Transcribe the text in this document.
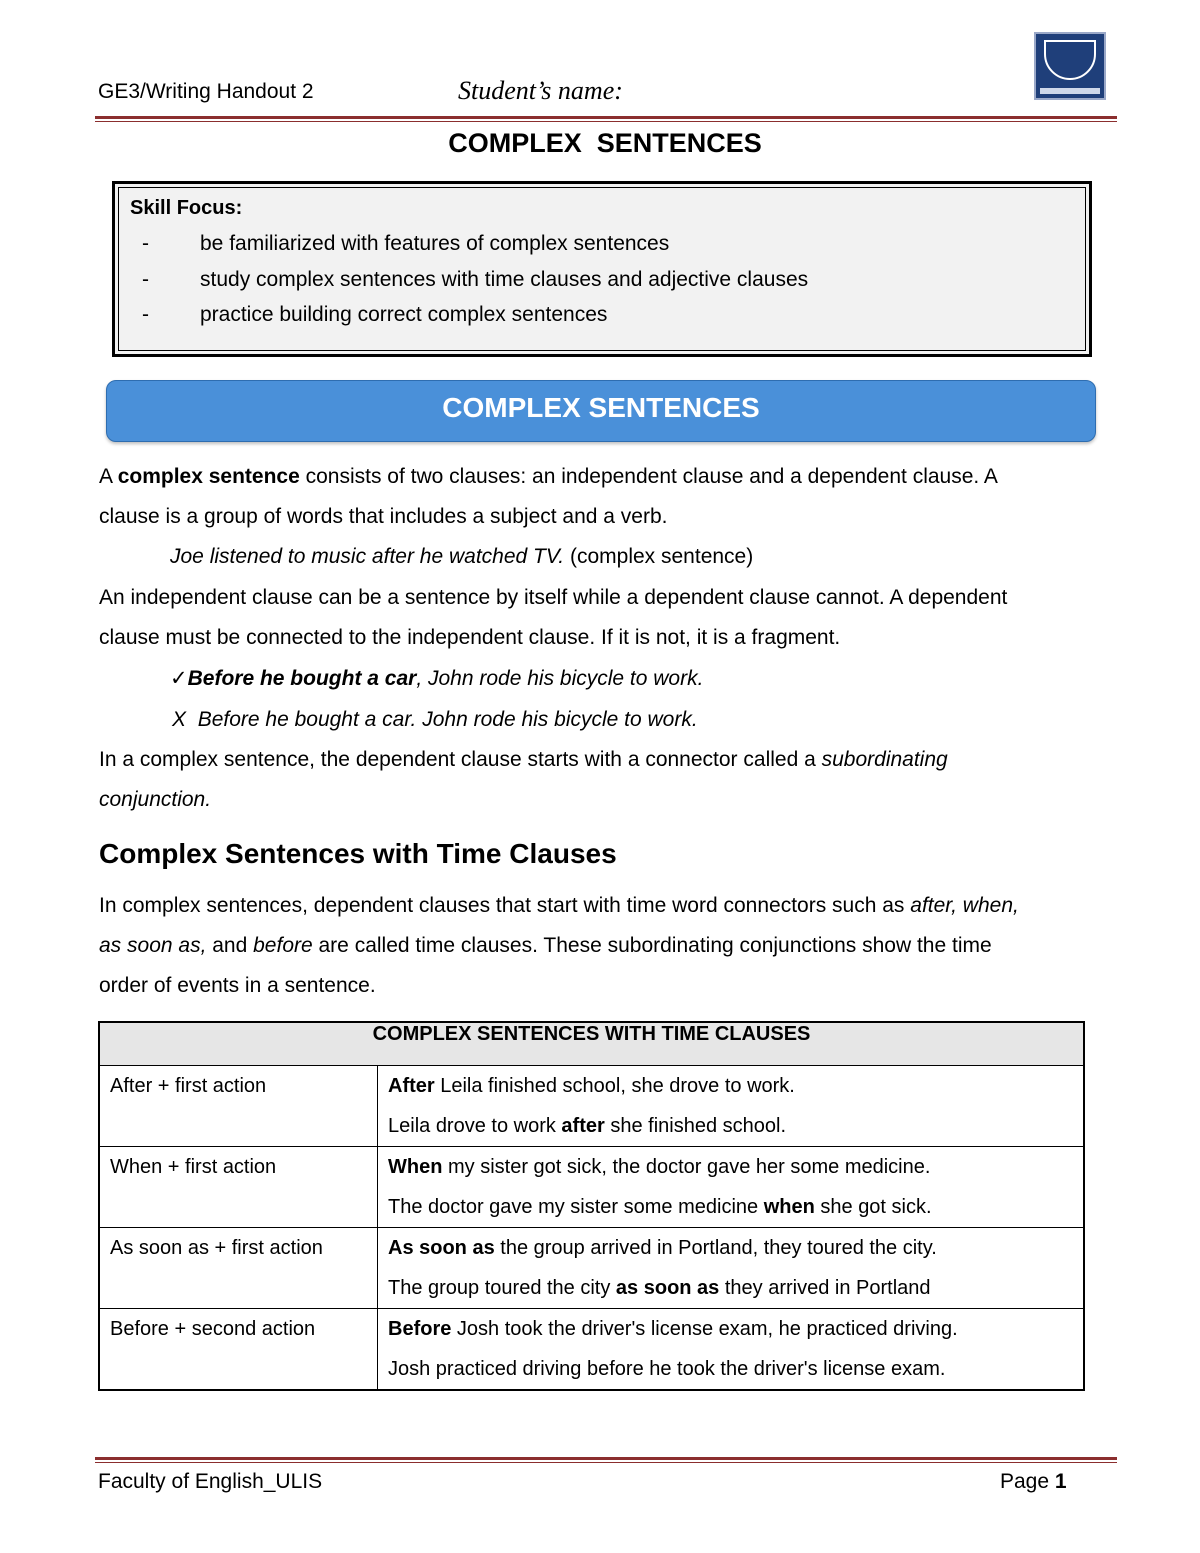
GE3/Writing Handout 2	Student’s name:
COMPLEX  SENTENCES
Skill Focus:
- be familiarized with features of complex sentences
- study complex sentences with time clauses and adjective clauses
- practice building correct complex sentences
COMPLEX SENTENCES
A complex sentence consists of two clauses: an independent clause and a dependent clause. A
clause is a group of words that includes a subject and a verb.
Joe listened to music after he watched TV. (complex sentence)
An independent clause can be a sentence by itself while a dependent clause cannot. A dependent
clause must be connected to the independent clause. If it is not, it is a fragment.
✓Before he bought a car, John rode his bicycle to work.
X Before he bought a car. John rode his bicycle to work.
In a complex sentence, the dependent clause starts with a connector called a subordinating
conjunction.
Complex Sentences with Time Clauses
In complex sentences, dependent clauses that start with time word connectors such as after, when,
as soon as, and before are called time clauses. These subordinating conjunctions show the time
order of events in a sentence.
COMPLEX SENTENCES WITH TIME CLAUSES	
After + first action	After Leila finished school, she drove to work.
Leila drove to work after she finished school.

When + first action	When my sister got sick, the doctor gave her some medicine.
The doctor gave my sister some medicine when she got sick.

As soon as + first action	As soon as the group arrived in Portland, they toured the city.
The group toured the city as soon as they arrived in Portland

Before + second action	Before Josh took the driver's license exam, he practiced driving.
Josh practiced driving before he took the driver's license exam.
Faculty of English_ULIS	Page 1
